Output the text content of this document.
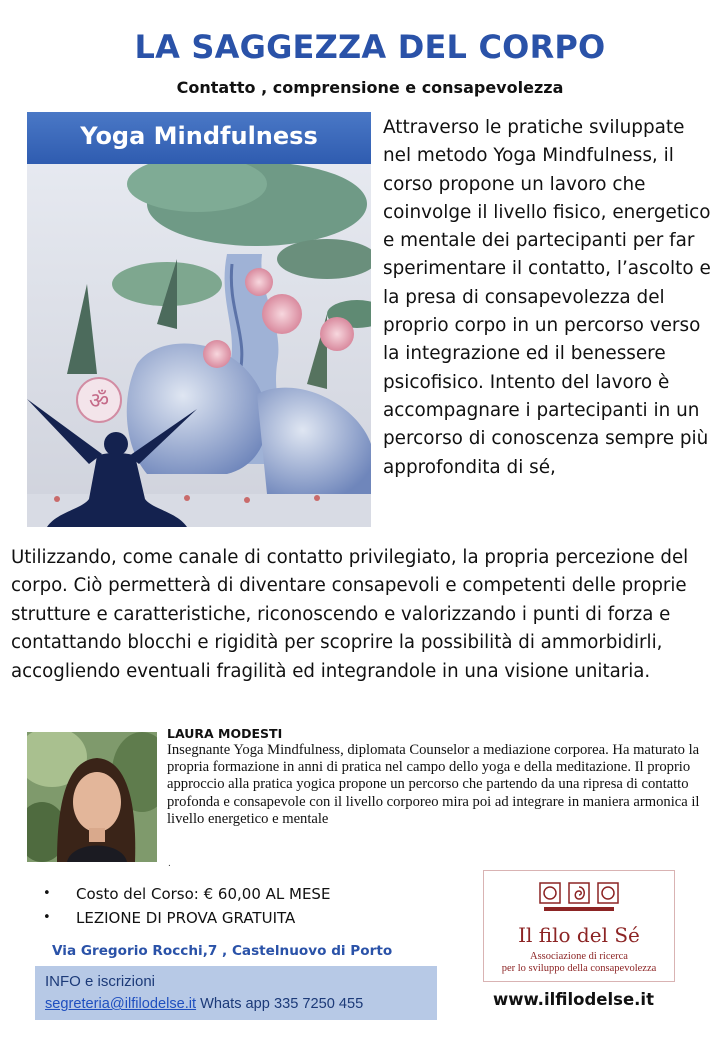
LA SAGGEZZA DEL CORPO
Contatto , comprensione e consapevolezza
Yoga Mindfulness
ॐ
Attraverso le pratiche sviluppate nel metodo Yoga Mindfulness, il corso propone un lavoro che coinvolge il livello fisico, energetico e mentale dei partecipanti per far sperimentare il contatto, l’ascolto e la presa di consapevolezza del proprio corpo in un percorso verso la integrazione ed il benessere psicofisico. Intento del lavoro è accompagnare i partecipanti in un percorso di conoscenza sempre più approfondita di sé,
Utilizzando, come canale di contatto privilegiato, la propria percezione del corpo. Ciò permetterà di diventare consapevoli e competenti delle proprie strutture e caratteristiche, riconoscendo e valorizzando i punti di forza e contattando blocchi e rigidità per scoprire la possibilità di ammorbidirli, accogliendo eventuali fragilità ed integrandole in una visione unitaria.
LAURA MODESTI
Insegnante Yoga Mindfulness, diplomata Counselor a mediazione corporea. Ha maturato la propria formazione in anni di pratica nel campo dello yoga e della meditazione. Il proprio approccio alla pratica yogica propone un percorso che partendo da una ripresa di contatto profonda e consapevole con il livello corporeo mira poi ad integrare in maniera armonica il livello energetico e mentale
.
• Costo del Corso: € 60,00 AL MESE
• LEZIONE DI PROVA GRATUITA
Via Gregorio Rocchi,7 , Castelnuovo di Porto
INFO e iscrizioni
segreteria@ilfilodelse.it Whats app 335 7250 455
Il filo del Sé
Associazione di ricerca
per lo sviluppo della consapevolezza
www.ilfilodelse.it
